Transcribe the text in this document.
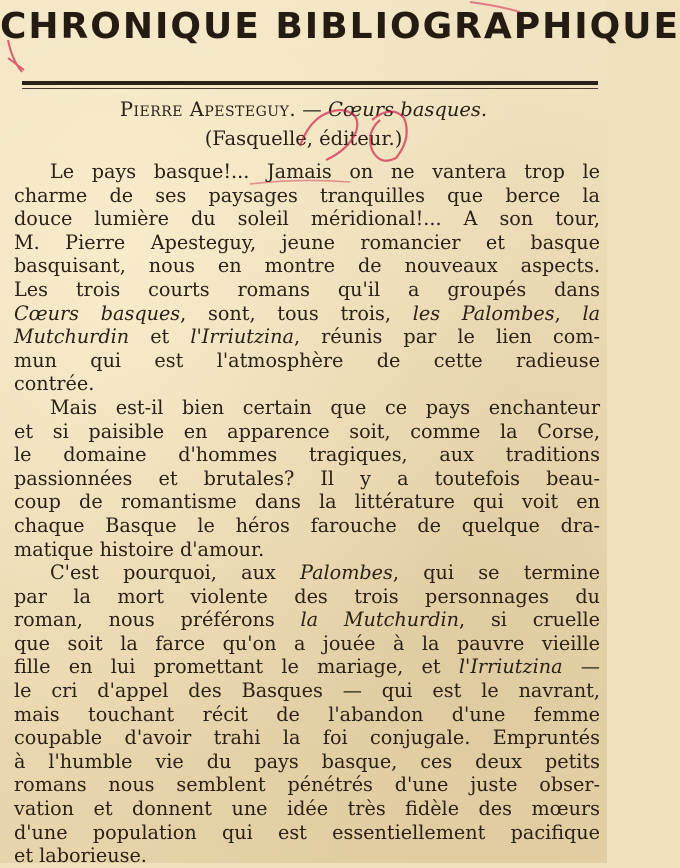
CHRONIQUE BIBLIOGRAPHIQUE
Pierre Apesteguy. — Cœurs basques.
(Fasquelle, éditeur.)
Le pays basque!... Jamais on ne vantera trop le
charme de ses paysages tranquilles que berce la
douce lumière du soleil méridional!... A son tour,
M. Pierre Apesteguy, jeune romancier et basque
basquisant, nous en montre de nouveaux aspects.
Les trois courts romans qu'il a groupés dans
Cœurs basques, sont, tous trois, les Palombes, la
Mutchurdin et l'Irriutzina, réunis par le lien com-
mun qui est l'atmosphère de cette radieuse
contrée.
Mais est-il bien certain que ce pays enchanteur
et si paisible en apparence soit, comme la Corse,
le domaine d'hommes tragiques, aux traditions
passionnées et brutales? Il y a toutefois beau-
coup de romantisme dans la littérature qui voit en
chaque Basque le héros farouche de quelque dra-
matique histoire d'amour.
C'est pourquoi, aux Palombes, qui se termine
par la mort violente des trois personnages du
roman, nous préférons la Mutchurdin, si cruelle
que soit la farce qu'on a jouée à la pauvre vieille
fille en lui promettant le mariage, et l'Irriutzina —
le cri d'appel des Basques — qui est le navrant,
mais touchant récit de l'abandon d'une femme
coupable d'avoir trahi la foi conjugale. Empruntés
à l'humble vie du pays basque, ces deux petits
romans nous semblent pénétrés d'une juste obser-
vation et donnent une idée très fidèle des mœurs
d'une population qui est essentiellement pacifique
et laborieuse.
